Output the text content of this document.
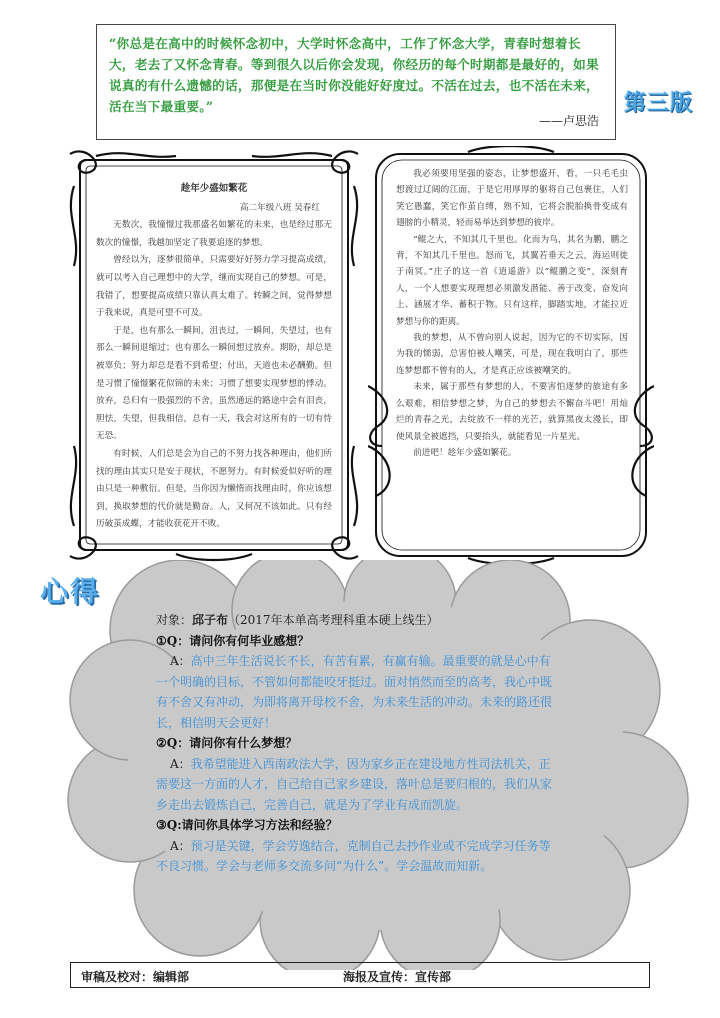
“你总是在高中的时候怀念初中，大学时怀念高中，工作了怀念大学，青春时想着长大，老去了又怀念青春。等到很久以后你会发现，你经历的每个时期都是最好的，如果说真的有什么遗憾的话，那便是在当时你没能好好度过。不活在过去，也不活在未来，活在当下最重要。”
——卢思浩
第三版
趁年少盛如繁花
高二年级八班 吴春红

无数次，我憧憬过我那盛名如繁花的未来，也是经过那无数次的憧憬，我越加坚定了我要追逐的梦想。

曾经以为，逐梦很简单，只需要好好努力学习提高成绩，就可以考入自己理想中的大学，继而实现自己的梦想。可是，我错了，想要提高成绩只靠认真太难了。转瞬之间，觉得梦想于我来说，真是可望不可及。

于是，也有那么一瞬间，沮丧过，一瞬间，失望过，也有那么一瞬间退缩过；也有那么一瞬间想过放弃。期盼，却总是被辜负；努力却总是看不到希望；付出，天道也未必酬勤。但是习惯了憧憬繁花似锦的未来；习惯了想要实现梦想的悸动。放弃，总归有一股强烈的不舍，虽然通远的路途中会有泪丧，胆怯，失望，但我相信，总有一天，我会对这所有的一切有恃无恐。

有时候，人们总是会为自己的不努力找各种理由，他们所找的理由其实只是安于现状，不愿努力。有时候爱似好听的理由只是一种敷衍。但是，当你因为懒惰而找理由时，你应该想到，换取梦想的代价就是勤奋。人，又何况不该如此。只有经历破茧成蝶，才能收获花开不败。

我必须要用坚强的姿态，让梦想盛开，看，一只毛毛虫想渡过辽阔的江面，于是它用厚厚的躯将自己包裹住，人们笑它愚蠢，笑它作茧自缚，熟不知，它将会脱胎换骨变成有翅膀的小精灵，轻而易举达到梦想的彼岸。

“鲲之大，不知其几千里也。化而为鸟，其名为鹏，鹏之背，不知其几千里也。怒而飞，其翼若垂天之云，海运则徙于南冥。”庄子的这一首《逍遥游》以“鲲鹏之变”，深刻育人，一个人想要实现理想必须激发潜能、善于改变、奋发向上、涵展才华、蓄积于物。只有这样，脚踏实地，才能拉近梦想与你的距离。

我的梦想，从不曾向别人说起，因为它的不切实际，因为我的懦弱，总害怕被人嘲笑，可是，现在我明白了，那些连梦想都不曾有的人，才是真正应该被嘲笑的。

未来，属于那些有梦想的人，不要害怕逐梦的旅途有多么艰难，相信梦想之梦，为自己的梦想去不懈奋斗吧！用灿烂的青春之光，去绽放不一样的光芒，就算黑夜太漫长，即使风景全被遮挡，只要抬头，就能看见一片星光。

前进吧！趁年少盛如繁花。

心得
对象：邱子布（2017年本单高考理科重本硬上线生）
①Q：请问你有何毕业感想？
A：高中三年生活说长不长，有苦有累，有赢有输。最重要的就是心中有一个明确的目标，不管如何都能咬牙挺过。面对悄然而至的高考，我心中既有不舍又有冲动，为即将离开母校不舍，为未来生活的冲动。未来的路还很长，相信明天会更好！
②Q：请问你有什么梦想？
A：我希望能进入西南政法大学，因为家乡正在建设地方性司法机关，正需要这一方面的人才，自己给自己家乡建设，落叶总是要归根的，我们从家乡走出去锻炼自己，完善自己，就是为了学业有成而凯旋。
③Q:请问你具体学习方法和经验？
A：预习是关键，学会劳逸结合，克制自己去抄作业或不完成学习任务等不良习惯。学会与老师多交流多问“为什么”。学会温故而知新。
审稿及校对：编辑部	海报及宣传：宣传部
